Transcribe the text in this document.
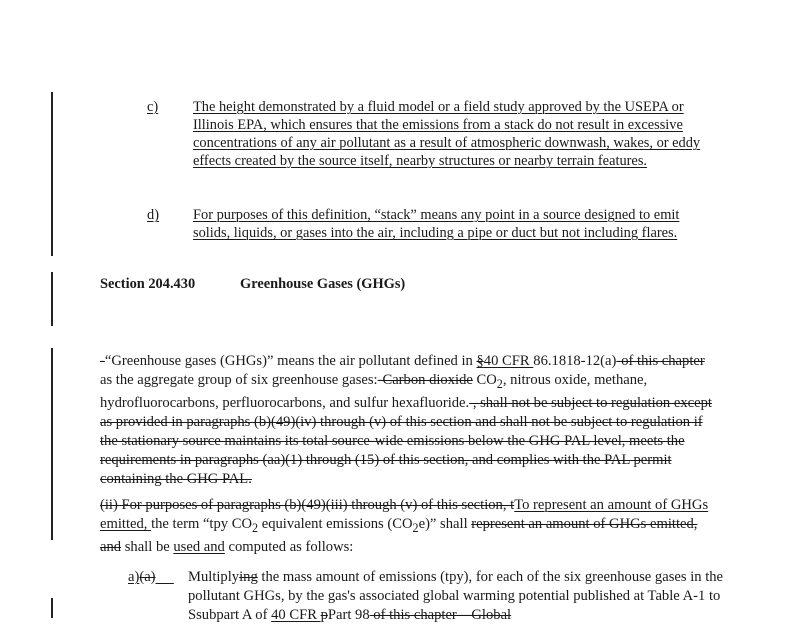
c) The height demonstrated by a fluid model or a field study approved by the USEPA or Illinois EPA, which ensures that the emissions from a stack do not result in excessive concentrations of any air pollutant as a result of atmospheric downwash, wakes, or eddy effects created by the source itself, nearby structures or nearby terrain features.
d) For purposes of this definition, “stack” means any point in a source designed to emit solids, liquids, or gases into the air, including a pipe or duct but not including flares.
Section 204.430	Greenhouse Gases (GHGs)
-“Greenhouse gases (GHGs)” means the air pollutant defined in §40 CFR 86.1818-12(a)-of this chapter as the aggregate group of six greenhouse gases:-Carbon dioxide $CO_2$, nitrous oxide, methane, hydrofluorocarbons, perfluorocarbons, and sulfur hexafluoride. , shall not be subject to regulation except as provided in paragraphs (b)(49)(iv) through (v) of this section and shall not be subject to regulation if the stationary source maintains its total source-wide emissions below the GHG PAL level, meets the requirements in paragraphs (aa)(1) through (15) of this section, and complies with the PAL permit containing the GHG PAL.
(ii) For purposes of paragraphs (b)(49)(iii) through (v) of this section, tTo represent an amount of GHGs emitted, the term “tpy $CO_2$ equivalent emissions $(CO_2e)$” shall represent an amount of GHGs emitted, and shall be used and computed as follows:
a)(a)	Multiplying the mass amount of emissions (tpy), for each of the six greenhouse gases in the pollutant GHGs, by the gas's associated global warming potential published at Table A-1 to Ssubpart A of 40 CFR pPart 98 of this chapter—Global
